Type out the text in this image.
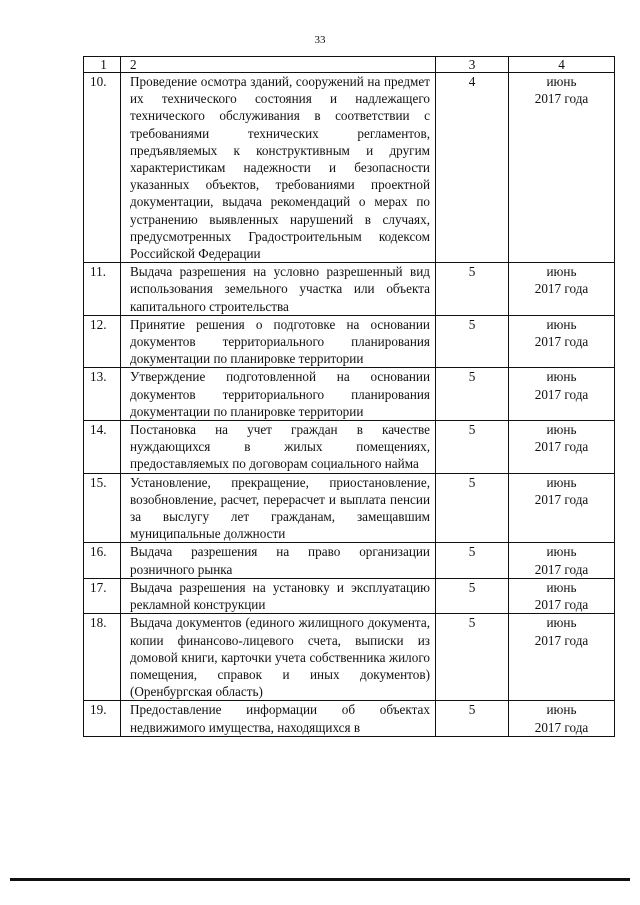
33
1	2	3	4
10.	Проведение осмотра зданий, сооружений на предмет их технического состояния и надлежащего технического обслуживания в соответствии с требованиями технических регламентов, предъявляемых к конструктивным и другим характеристикам надежности и безопасности указанных объектов, требованиями проектной документации, выдача рекомендаций о мерах по устранению выявленных нарушений в случаях, предусмотренных Градостроительным кодексом Российской Федерации	4	июнь
2017 года

11.	Выдача разрешения на условно разрешенный вид использования земельного участка или объекта капитального строительства	5	июнь
2017 года

12.	Принятие решения о подготовке на основании документов территориального планирования документации по планировке территории	5	июнь
2017 года

13.	Утверждение подготовленной на основании документов территориального планирования документации по планировке территории	5	июнь
2017 года

14.	Постановка на учет граждан в качестве нуждающихся в жилых помещениях, предоставляемых по договорам социального найма	5	июнь
2017 года

15.	Установление, прекращение, приостановление, возобновление, расчет, перерасчет и выплата пенсии за выслугу лет гражданам, замещавшим муниципальные должности	5	июнь
2017 года

16.	Выдача разрешения на право организации розничного рынка	5	июнь
2017 года

17.	Выдача разрешения на установку и эксплуатацию рекламной конструкции	5	июнь
2017 года

18.	Выдача документов (единого жилищного документа, копии финансово-лицевого счета, выписки из домовой книги, карточки учета собственника жилого помещения, справок и иных документов) (Оренбургская область)	5	июнь
2017 года

19.	Предоставление информации об объектах недвижимого имущества, находящихся в	5	июнь
2017 года
